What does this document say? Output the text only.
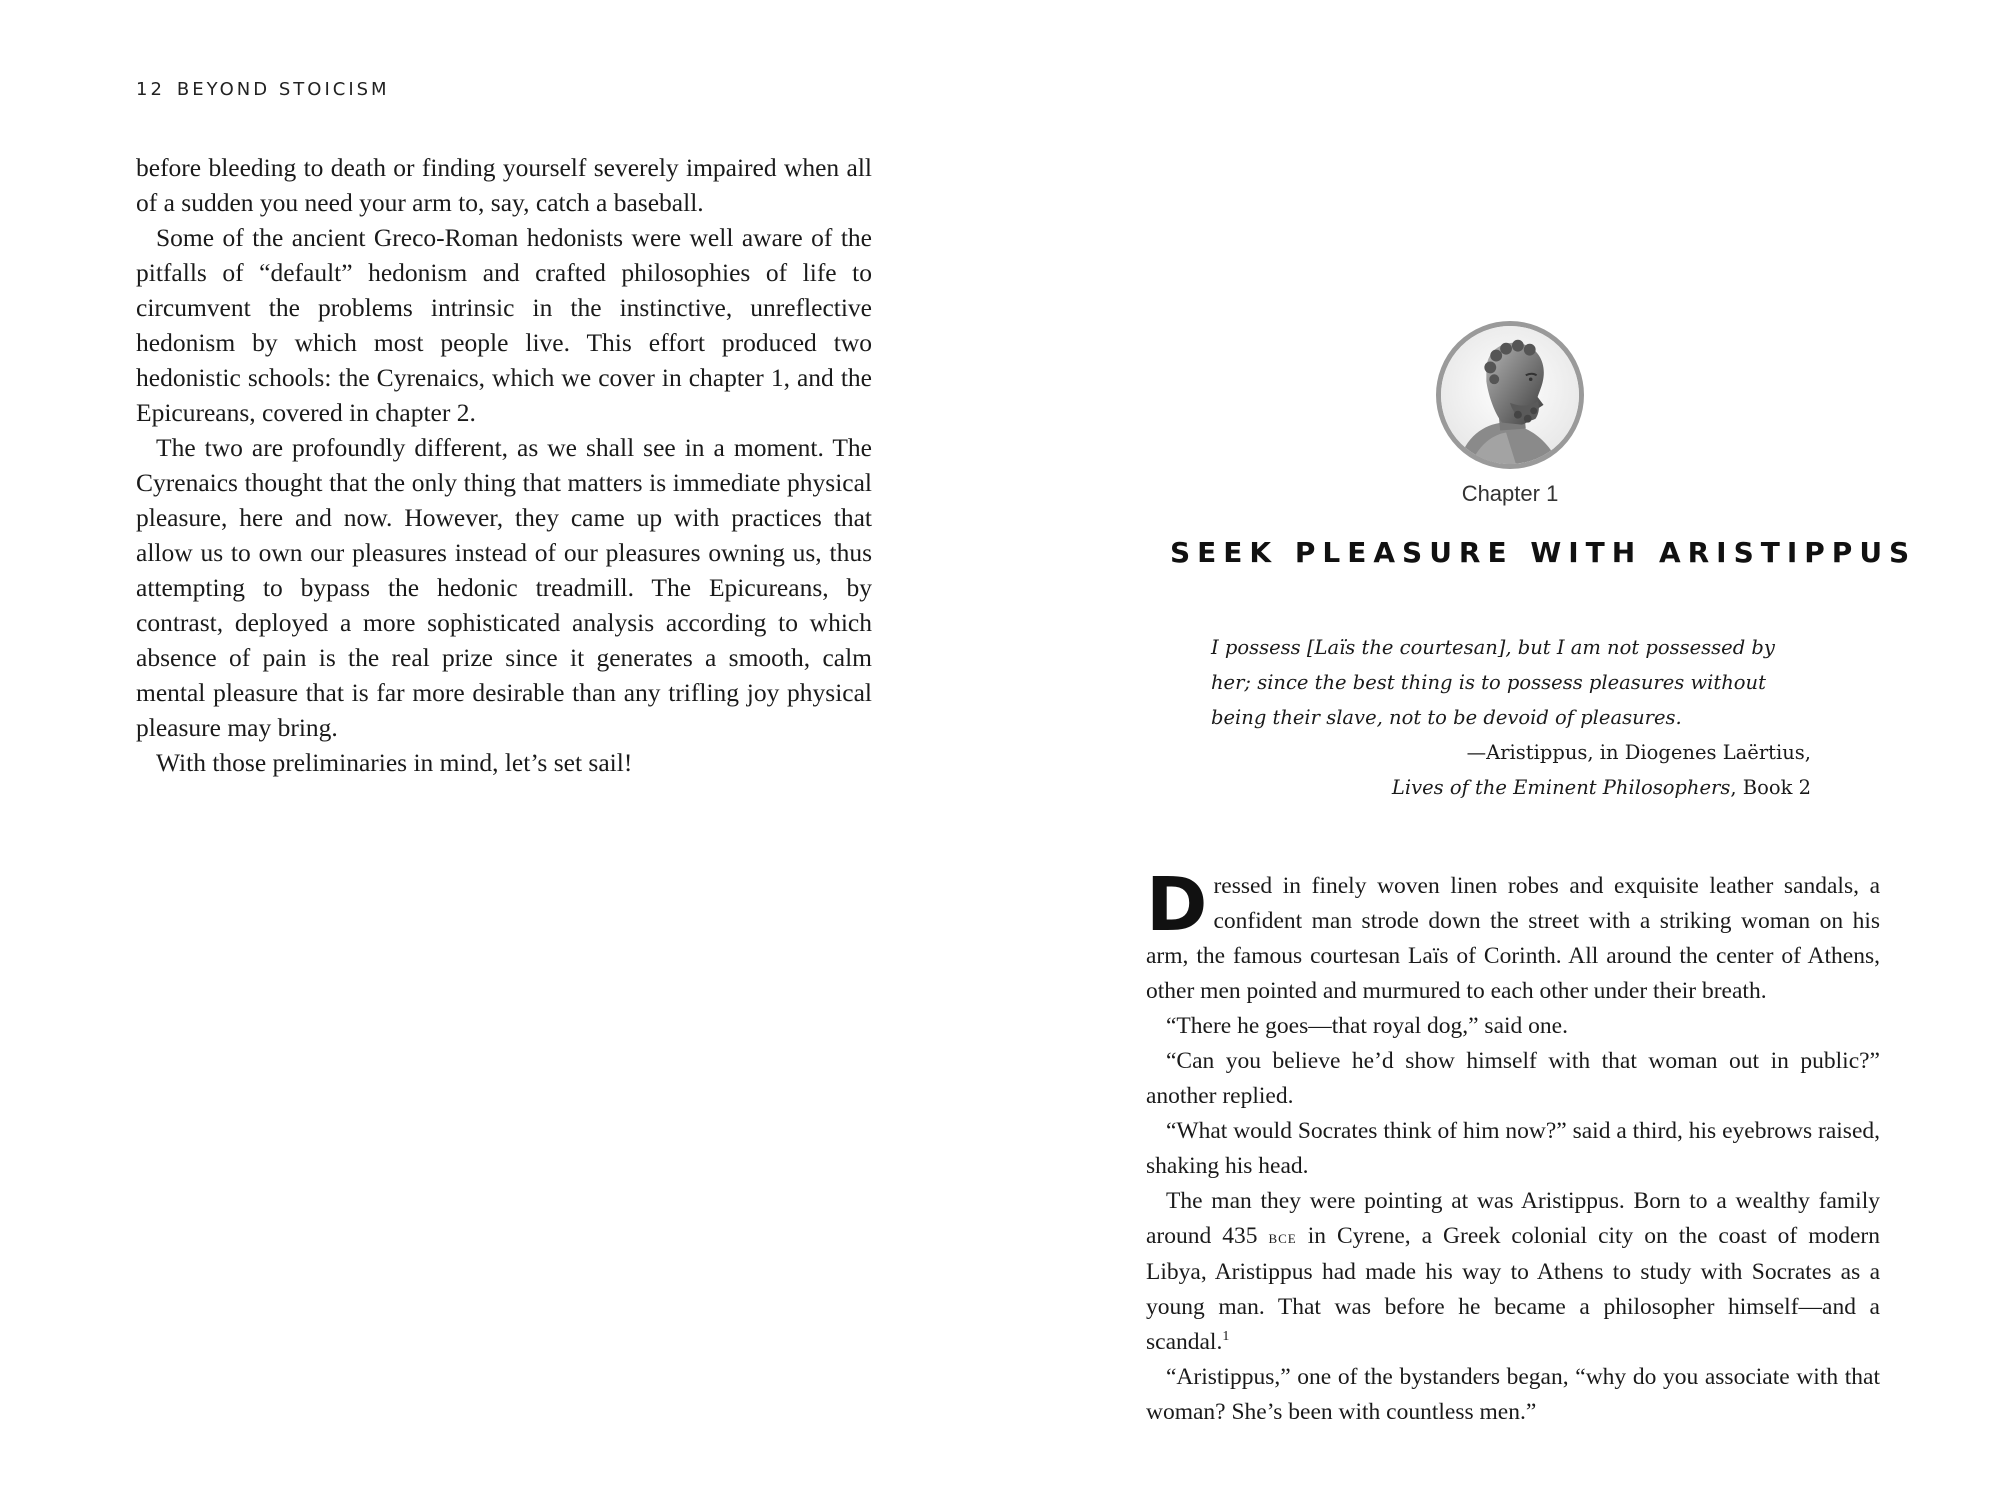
12 BEYOND STOICISM

before bleeding to death or finding yourself severely impaired when all of a sudden you need your arm to, say, catch a baseball.

Some of the ancient Greco-Roman hedonists were well aware of the pitfalls of “default” hedonism and crafted philosophies of life to circumvent the problems intrinsic in the instinctive, unreflective hedonism by which most people live. This effort produced two hedonistic schools: the Cyrenaics, which we cover in chapter 1, and the Epicureans, covered in chapter 2.

The two are profoundly different, as we shall see in a moment. The Cyrenaics thought that the only thing that matters is immediate physical pleasure, here and now. However, they came up with practices that allow us to own our pleasures instead of our pleasures owning us, thus attempting to bypass the hedonic treadmill. The Epicureans, by contrast, deployed a more sophisticated analysis according to which absence of pain is the real prize since it generates a smooth, calm mental pleasure that is far more desirable than any trifling joy physical pleasure may bring.

With those preliminaries in mind, let’s set sail!

Chapter 1
SEEK PLEASURE WITH ARISTIPPUS

I possess [Laïs the courtesan], but I am not possessed by her; since the best thing is to possess pleasures without being their slave, not to be devoid of pleasures.

—Aristippus, in Diogenes Laërtius,
Lives of the Eminent Philosophers, Book 2

Dressed in finely woven linen robes and exquisite leather sandals, a confident man strode down the street with a striking woman on his arm, the famous courtesan Laïs of Corinth. All around the center of Athens, other men pointed and murmured to each other under their breath.

“There he goes—that royal dog,” said one.

“Can you believe he’d show himself with that woman out in public?” another replied.

“What would Socrates think of him now?” said a third, his eyebrows raised, shaking his head.

The man they were pointing at was Aristippus. Born to a wealthy family around 435 bce in Cyrene, a Greek colonial city on the coast of modern Libya, Aristippus had made his way to Athens to study with Socrates as a young man. That was before he became a philosopher himself—and a scandal.$^1$

“Aristippus,” one of the bystanders began, “why do you associate with that woman? She’s been with countless men.”
